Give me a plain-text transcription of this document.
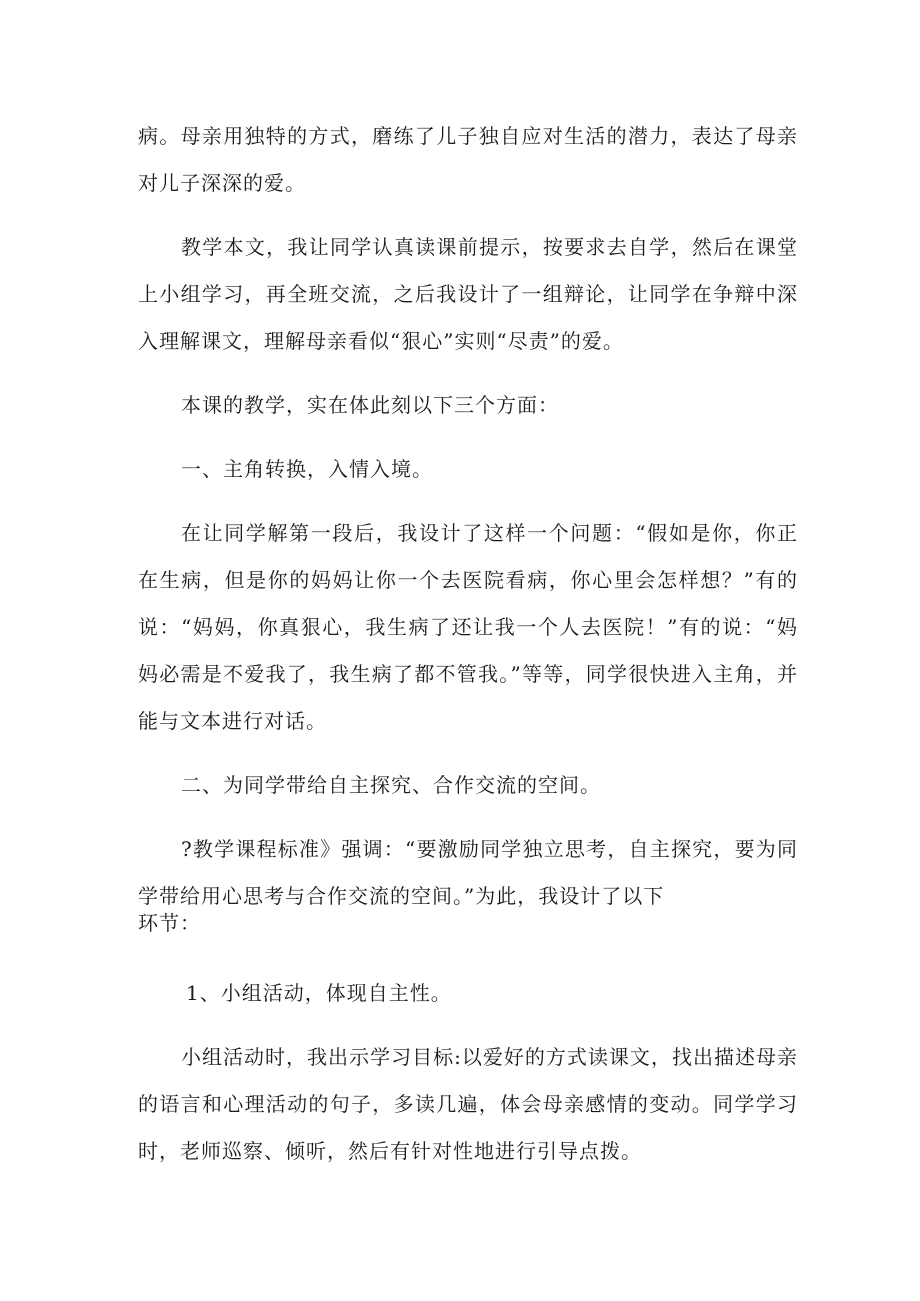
病。母亲用独特的方式，磨练了儿子独自应对生活的潜力，表达了母亲对儿子深深的爱。

教学本文，我让同学认真读课前提示，按要求去自学，然后在课堂上小组学习，再全班交流，之后我设计了一组辩论，让同学在争辩中深入理解课文，理解母亲看似“狠心”实则“尽责”的爱。

本课的教学，实在体此刻以下三个方面：

一、主角转换，入情入境。

在让同学解第一段后，我设计了这样一个问题：“假如是你，你正在生病，但是你的妈妈让你一个去医院看病，你心里会怎样想？”有的说：“妈妈，你真狠心，我生病了还让我一个人去医院！”有的说：“妈妈必需是不爱我了，我生病了都不管我。”等等，同学很快进入主角，并能与文本进行对话。

二、为同学带给自主探究、合作交流的空间。

?教学课程标准》强调：“要激励同学独立思考，自主探究，要为同学带给用心思考与合作交流的空间。”为此，我设计了以下

环节：

1、小组活动，体现自主性。

小组活动时，我出示学习目标:以爱好的方式读课文，找出描述母亲的语言和心理活动的句子，多读几遍，体会母亲感情的变动。同学学习时，老师巡察、倾听，然后有针对性地进行引导点拨。
